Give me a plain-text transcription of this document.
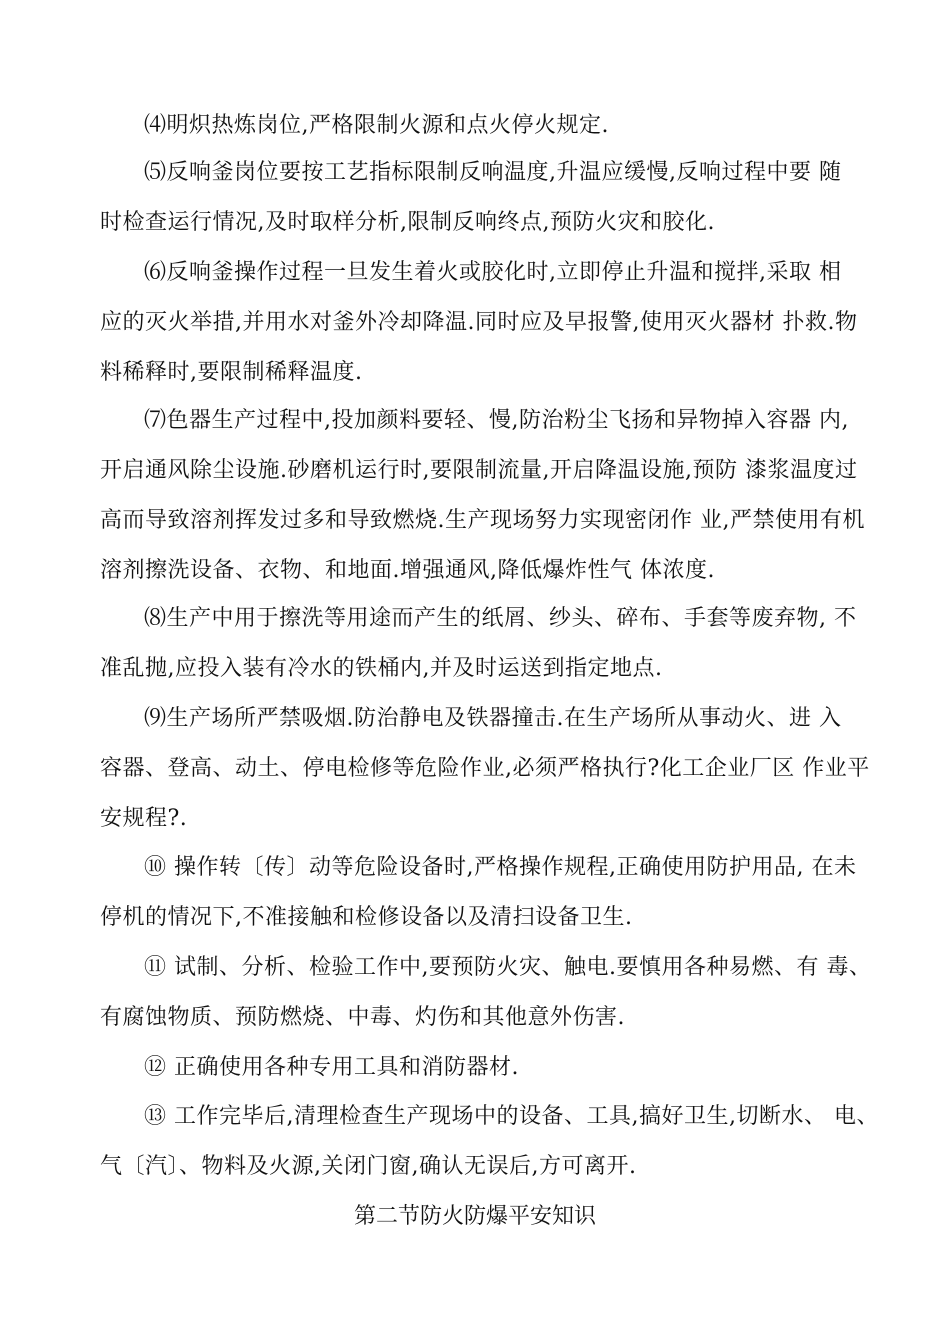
⑷明炽热炼岗位,严格限制火源和点火停火规定.

⑸反响釜岗位要按工艺指标限制反响温度,升温应缓慢,反响过程中要 随

时检查运行情况,及时取样分析,限制反响终点,预防火灾和胶化.

⑹反响釜操作过程一旦发生着火或胶化时,立即停止升温和搅拌,采取 相

应的灭火举措,并用水对釜外冷却降温.同时应及早报警,使用灭火器材 扑救.物

料稀释时,要限制稀释温度.

⑺色器生产过程中,投加颜料要轻、慢,防治粉尘飞扬和异物掉入容器 内,

开启通风除尘设施.砂磨机运行时,要限制流量,开启降温设施,预防 漆浆温度过

高而导致溶剂挥发过多和导致燃烧.生产现场努力实现密闭作 业,严禁使用有机

溶剂擦洗设备、衣物、和地面.增强通风,降低爆炸性气 体浓度.

⑻生产中用于擦洗等用途而产生的纸屑、纱头、碎布、手套等废弃物, 不

准乱抛,应投入装有冷水的铁桶内,并及时运送到指定地点.

⑼生产场所严禁吸烟.防治静电及铁器撞击.在生产场所从事动火、进 入

容器、登高、动土、停电检修等危险作业,必须严格执行?化工企业厂区 作业平

安规程?.

⑩ 操作转〔传〕动等危险设备时,严格操作规程,正确使用防护用品, 在未

停机的情况下,不准接触和检修设备以及清扫设备卫生.

⑪ 试制、分析、检验工作中,要预防火灾、触电.要慎用各种易燃、有 毒、

有腐蚀物质、预防燃烧、中毒、灼伤和其他意外伤害.

⑫ 正确使用各种专用工具和消防器材.

⑬ 工作完毕后,清理检查生产现场中的设备、工具,搞好卫生,切断水、 电、

气〔汽〕、物料及火源,关闭门窗,确认无误后,方可离开.

第二节防火防爆平安知识
